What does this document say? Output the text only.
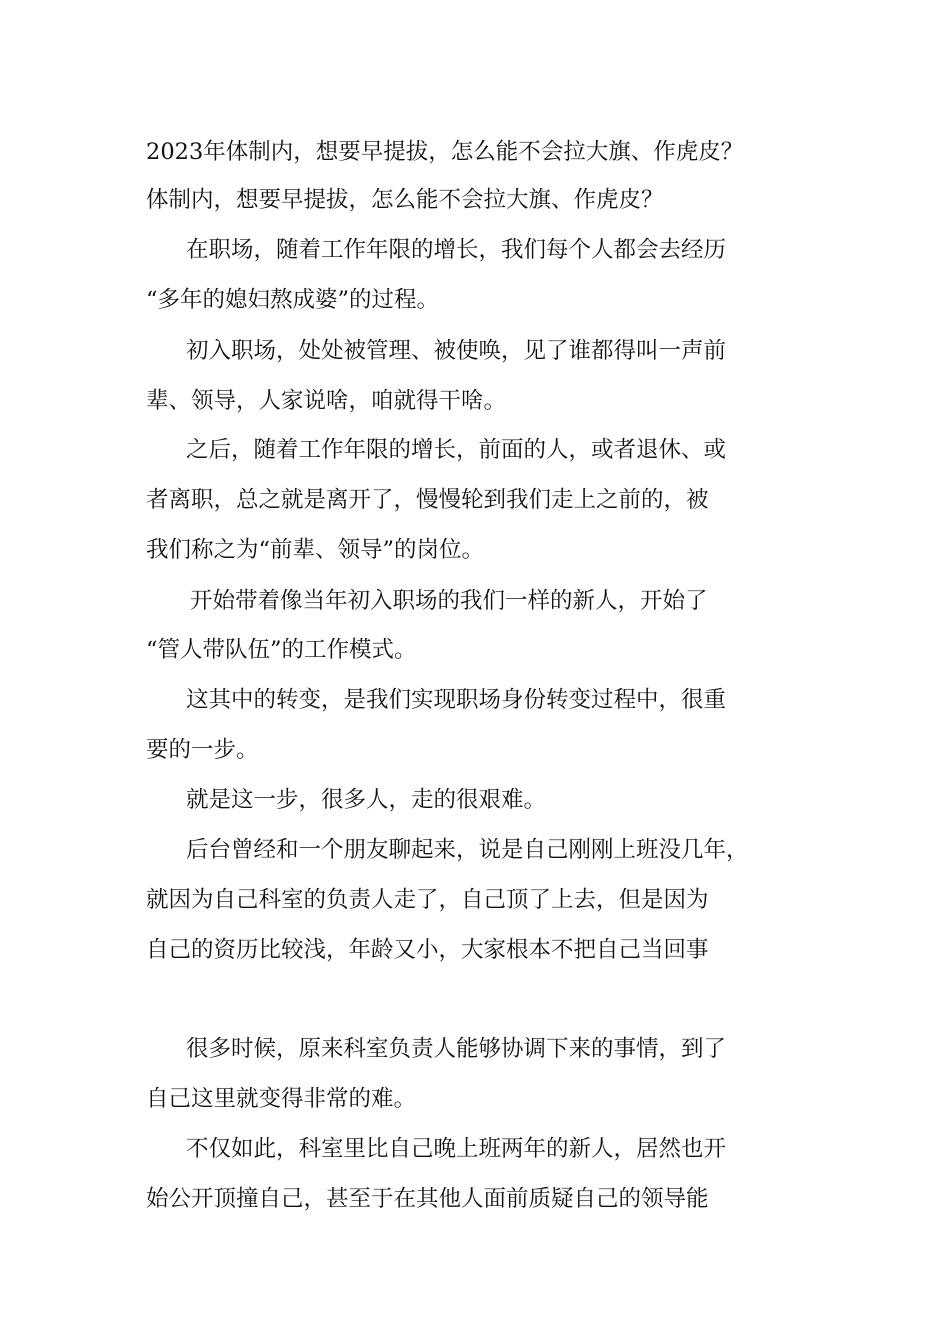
2023年体制内，想要早提拔，怎么能不会拉大旗、作虎皮？
体制内，想要早提拔，怎么能不会拉大旗、作虎皮？
在职场，随着工作年限的增长，我们每个人都会去经历
“多年的媳妇熬成婆”的过程。
初入职场，处处被管理、被使唤，见了谁都得叫一声前
辈、领导，人家说啥，咱就得干啥。
之后，随着工作年限的增长，前面的人，或者退休、或
者离职，总之就是离开了，慢慢轮到我们走上之前的，被
我们称之为“前辈、领导”的岗位。
开始带着像当年初入职场的我们一样的新人，开始了
“管人带队伍”的工作模式。
这其中的转变，是我们实现职场身份转变过程中，很重
要的一步。
就是这一步，很多人，走的很艰难。
后台曾经和一个朋友聊起来，说是自己刚刚上班没几年，
就因为自己科室的负责人走了，自己顶了上去，但是因为
自己的资历比较浅，年龄又小，大家根本不把自己当回事
很多时候，原来科室负责人能够协调下来的事情，到了
自己这里就变得非常的难。
不仅如此，科室里比自己晚上班两年的新人，居然也开
始公开顶撞自己，甚至于在其他人面前质疑自己的领导能
